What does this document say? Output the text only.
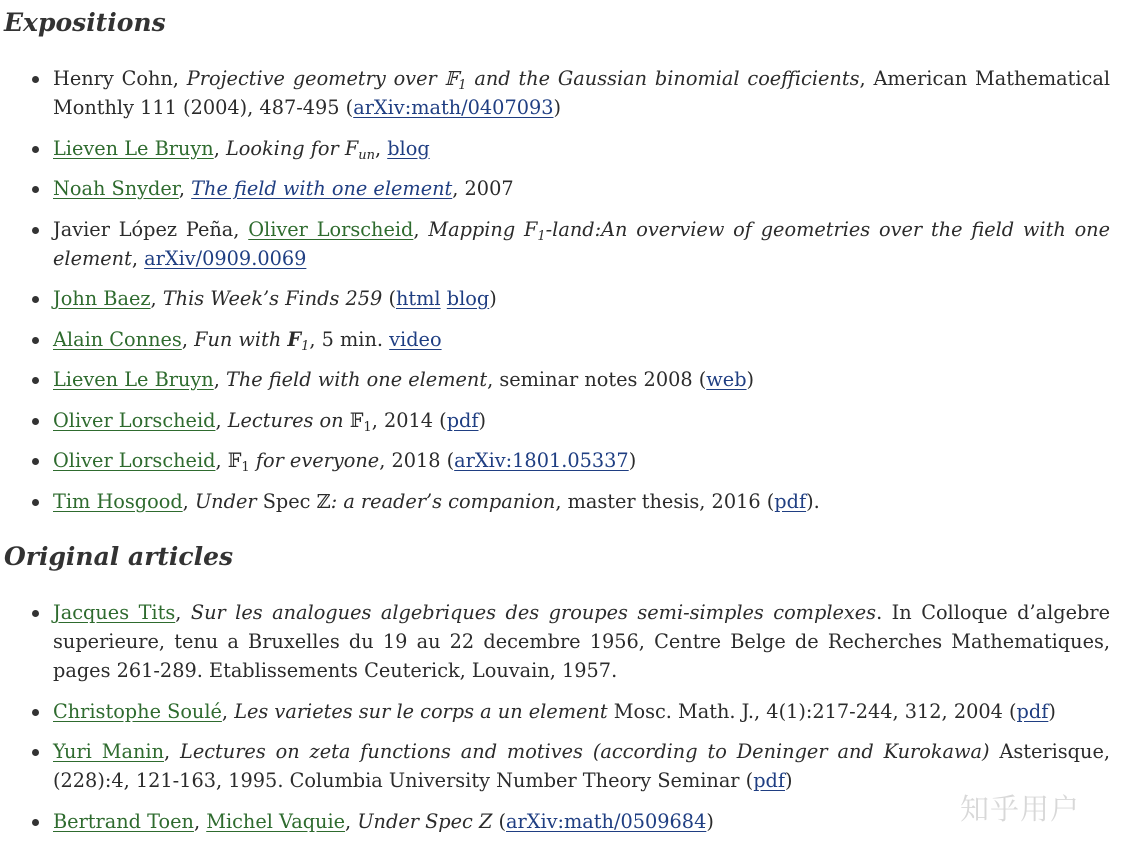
Expositions
Henry Cohn, Projective geometry over 𝔽$_1$ and the Gaussian binomial coefficients, American Mathematical Monthly 111 (2004), 487-495 (arXiv:math/0407093)
Lieven Le Bruyn, Looking for $F_{un}$, blog
Noah Snyder, The field with one element, 2007
Javier López Peña, Oliver Lorscheid, Mapping $F_1-land:An$ overview of geometries over the field with one element, arXiv/0909.0069
John Baez, This Week’s Finds 259 (html blog)
Alain Connes, Fun with $F_1$, 5 min. video
Lieven Le Bruyn, The field with one element, seminar notes 2008 (web)
Oliver Lorscheid, Lectures on 𝔽$_1$, 2014 (pdf)
Oliver Lorscheid, 𝔽$_1$ for everyone, 2018 (arXiv:1801.05337)
Tim Hosgood, Under Spec ℤ: a reader’s companion, master thesis, 2016 (pdf).
Original articles
Jacques Tits, Sur les analogues algebriques des groupes semi-simples complexes. In Colloque d’algebre superieure, tenu a Bruxelles du 19 au 22 decembre 1956, Centre Belge de Recherches Mathematiques, pages 261-289. Etablissements Ceuterick, Louvain, 1957.
Christophe Soulé, Les varietes sur le corps a un element Mosc. Math. J., 4(1):217-244, 312, 2004 (pdf)
Yuri Manin, Lectures on zeta functions and motives (according to Deninger and Kurokawa) Asterisque, (228):4, 121-163, 1995. Columbia University Number Theory Seminar (pdf)
Bertrand Toen, Michel Vaquie, Under Spec Z (arXiv:math/0509684)	知乎用户
